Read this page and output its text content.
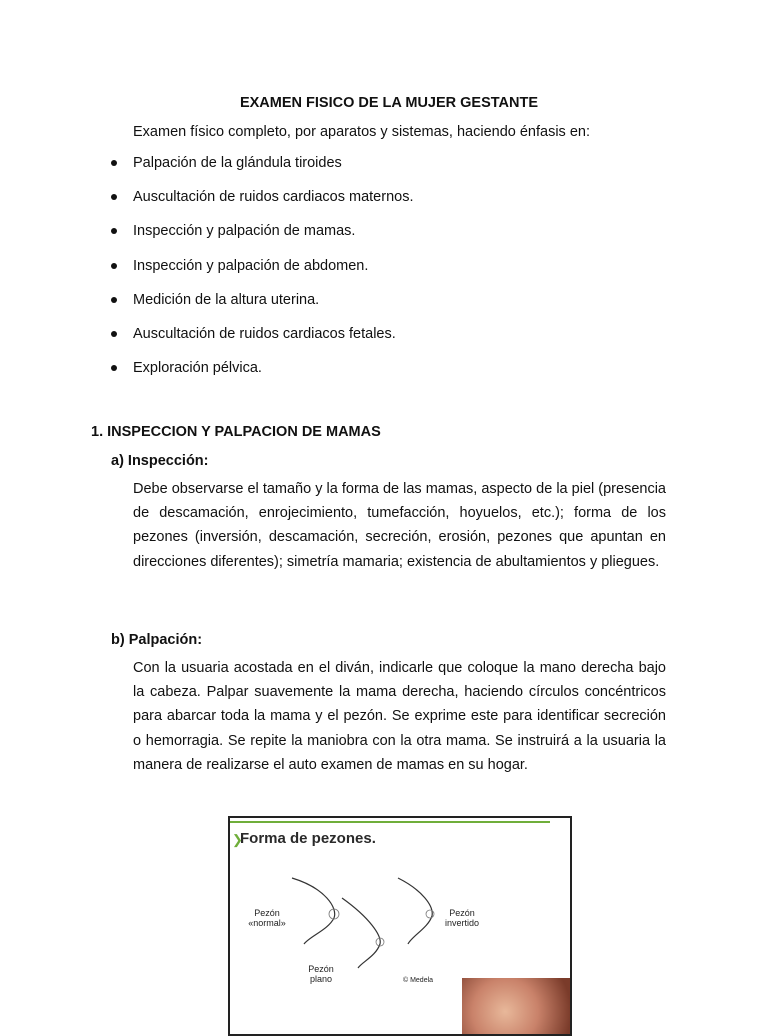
EXAMEN FISICO DE LA MUJER GESTANTE
Examen físico completo, por aparatos y sistemas, haciendo énfasis en:
Palpación de la glándula tiroides
Auscultación de ruidos cardiacos maternos.
Inspección y palpación de mamas.
Inspección y palpación de abdomen.
Medición de la altura uterina.
Auscultación de ruidos cardiacos fetales.
Exploración pélvica.
1. INSPECCION Y PALPACION DE MAMAS
a) Inspección:

Debe observarse el tamaño y la forma de las mamas, aspecto de la piel (presencia de descamación, enrojecimiento, tumefacción, hoyuelos, etc.); forma de los pezones (inversión, descamación, secreción, erosión, pezones que apuntan en direcciones diferentes); simetría mamaria; existencia de abultamientos y pliegues.

b) Palpación:

Con la usuaria acostada en el diván, indicarle que coloque la mano derecha bajo la cabeza. Palpar suavemente la mama derecha, haciendo círculos concéntricos para abarcar toda la mama y el pezón. Se exprime este para identificar secreción o hemorragia. Se repite la maniobra con la otra mama. Se instruirá a la usuaria la manera de realizarse el auto examen de mamas en su hogar.

❯
Forma de pezones.
Pezón
«normal»
Pezón
plano
Pezón
invertido
© Medela
